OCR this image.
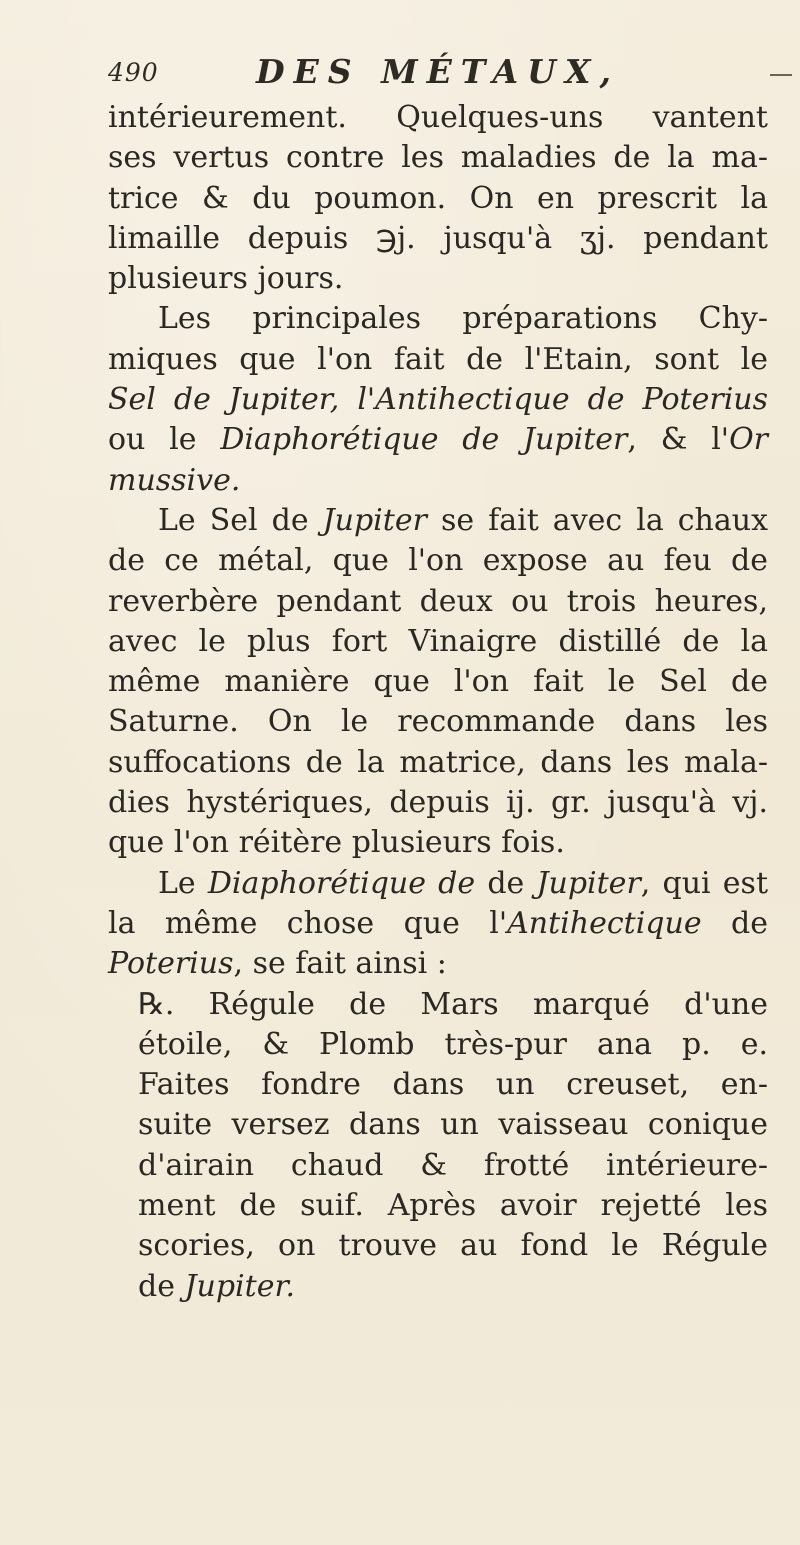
490	DES MÉTAUX,
intérieurement. Quelques-uns vantent
ses vertus contre les maladies de la ma-
trice & du poumon. On en prescrit la
limaille depuis ℈j. jusqu'à ʒj. pendant
plusieurs jours.
Les principales préparations Chy-
miques que l'on fait de l'Etain, sont le
Sel de Jupiter, l'Antihectique de Poterius
ou le Diaphorétique de Jupiter, & l'Or
mussive.
Le Sel de Jupiter se fait avec la chaux
de ce métal, que l'on expose au feu de
reverbère pendant deux ou trois heures,
avec le plus fort Vinaigre distillé de la
même manière que l'on fait le Sel de
Saturne. On le recommande dans les
suffocations de la matrice, dans les mala-
dies hystériques, depuis ij. gr. jusqu'à vj.
que l'on réitère plusieurs fois.
Le Diaphorétique de de Jupiter, qui est
la même chose que l'Antihectique de
Poterius, se fait ainsi :
℞. Régule de Mars marqué d'une
étoile, & Plomb très-pur ana p. e.
Faites fondre dans un creuset, en-
suite versez dans un vaisseau conique
d'airain chaud & frotté intérieure-
ment de suif. Après avoir rejetté les
scories, on trouve au fond le Régule
de Jupiter.
